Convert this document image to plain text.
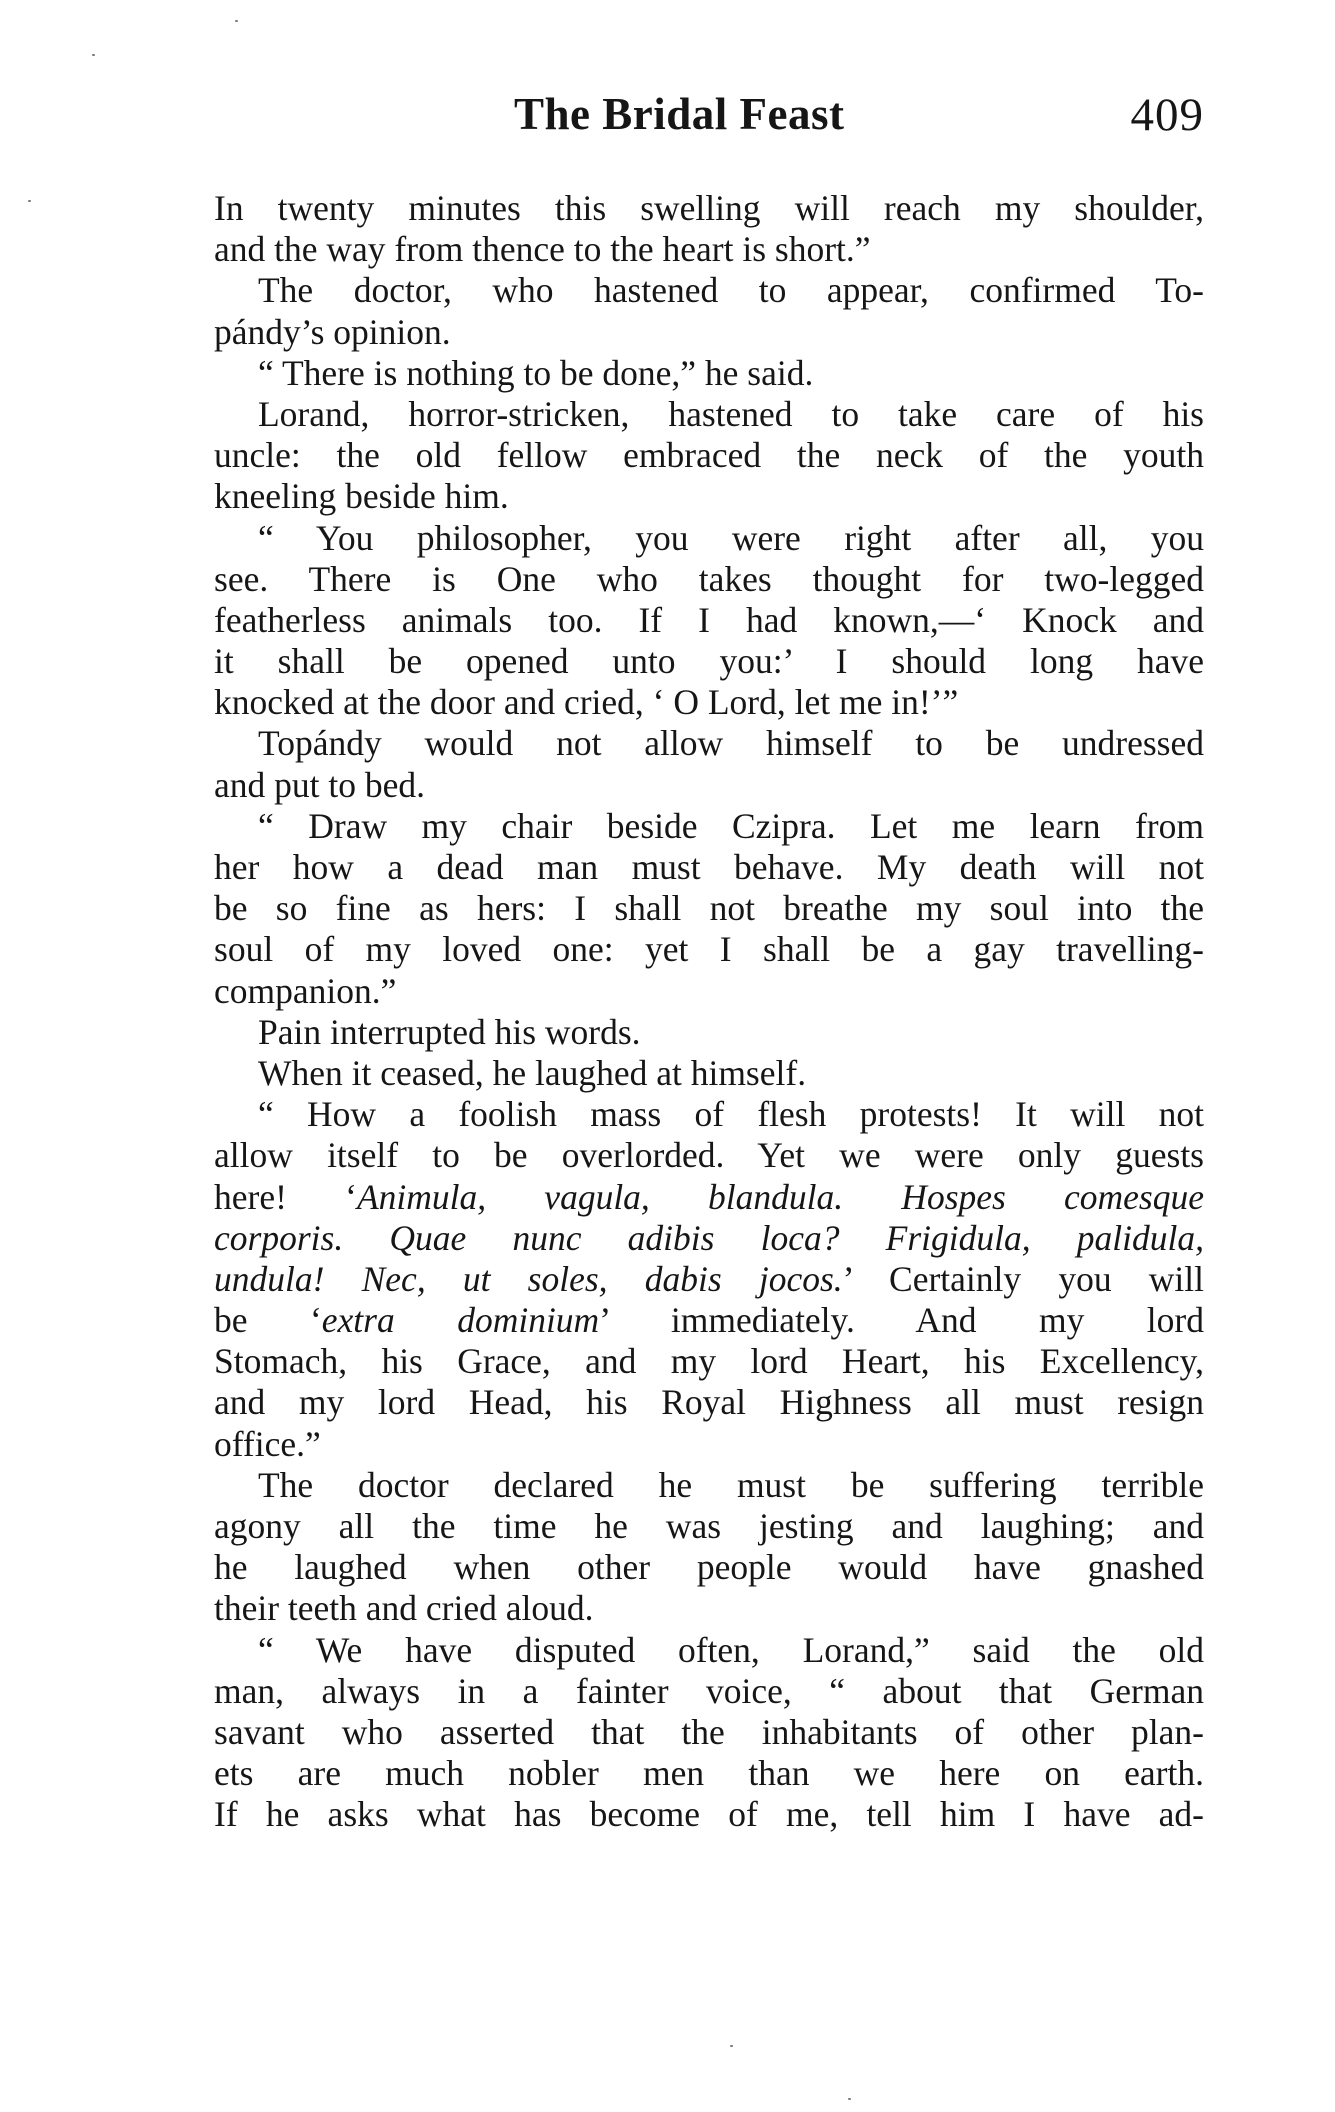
The Bridal Feast	409
In twenty minutes this swelling will reach my shoulder,
and the way from thence to the heart is short.”
The doctor, who hastened to appear, confirmed To-
pándy’s opinion.
“ There is nothing to be done,” he said.
Lorand, horror-stricken, hastened to take care of his
uncle: the old fellow embraced the neck of the youth
kneeling beside him.
“ You philosopher, you were right after all, you
see. There is One who takes thought for two-legged
featherless animals too. If I had known,—‘ Knock and
it shall be opened unto you:’ I should long have
knocked at the door and cried, ‘ O Lord, let me in!’”
Topándy would not allow himself to be undressed
and put to bed.
“ Draw my chair beside Czipra. Let me learn from
her how a dead man must behave. My death will not
be so fine as hers: I shall not breathe my soul into the
soul of my loved one: yet I shall be a gay travelling-
companion.”
Pain interrupted his words.
When it ceased, he laughed at himself.
“ How a foolish mass of flesh protests! It will not
allow itself to be overlorded. Yet we were only guests
here! ‘Animula, vagula, blandula. Hospes comesque
corporis. Quae nunc adibis loca? Frigidula, palidula,
undula! Nec, ut soles, dabis jocos.’ Certainly you will
be ‘extra dominium’ immediately. And my lord
Stomach, his Grace, and my lord Heart, his Excellency,
and my lord Head, his Royal Highness all must resign
office.”
The doctor declared he must be suffering terrible
agony all the time he was jesting and laughing; and
he laughed when other people would have gnashed
their teeth and cried aloud.
“ We have disputed often, Lorand,” said the old
man, always in a fainter voice, “ about that German
savant who asserted that the inhabitants of other plan-
ets are much nobler men than we here on earth.
If he asks what has become of me, tell him I have ad-
